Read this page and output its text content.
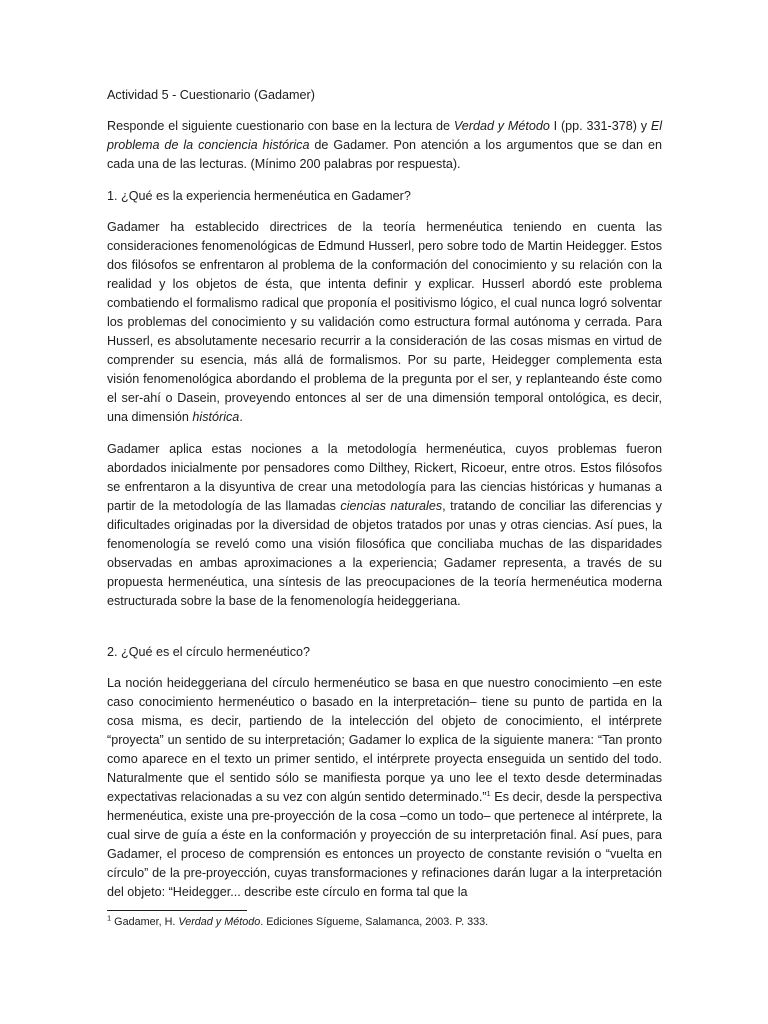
Actividad 5 - Cuestionario (Gadamer)

Responde el siguiente cuestionario con base en la lectura de Verdad y Método I (pp. 331-378) y El problema de la conciencia histórica de Gadamer. Pon atención a los argumentos que se dan en cada una de las lecturas. (Mínimo 200 palabras por respuesta).

1. ¿Qué es la experiencia hermenéutica en Gadamer?

Gadamer ha establecido directrices de la teoría hermenéutica teniendo en cuenta las consideraciones fenomenológicas de Edmund Husserl, pero sobre todo de Martin Heidegger. Estos dos filósofos se enfrentaron al problema de la conformación del conocimiento y su relación con la realidad y los objetos de ésta, que intenta definir y explicar. Husserl abordó este problema combatiendo el formalismo radical que proponía el positivismo lógico, el cual nunca logró solventar los problemas del conocimiento y su validación como estructura formal autónoma y cerrada. Para Husserl, es absolutamente necesario recurrir a la consideración de las cosas mismas en virtud de comprender su esencia, más allá de formalismos. Por su parte, Heidegger complementa esta visión fenomenológica abordando el problema de la pregunta por el ser, y replanteando éste como el ser-ahí o Dasein, proveyendo entonces al ser de una dimensión temporal ontológica, es decir, una dimensión histórica.

Gadamer aplica estas nociones a la metodología hermenéutica, cuyos problemas fueron abordados inicialmente por pensadores como Dilthey, Rickert, Ricoeur, entre otros. Estos filósofos se enfrentaron a la disyuntiva de crear una metodología para las ciencias históricas y humanas a partir de la metodología de las llamadas ciencias naturales, tratando de conciliar las diferencias y dificultades originadas por la diversidad de objetos tratados por unas y otras ciencias. Así pues, la fenomenología se reveló como una visión filosófica que conciliaba muchas de las disparidades observadas en ambas aproximaciones a la experiencia; Gadamer representa, a través de su propuesta hermenéutica, una síntesis de las preocupaciones de la teoría hermenéutica moderna estructurada sobre la base de la fenomenología heideggeriana.

2. ¿Qué es el círculo hermenéutico?

La noción heideggeriana del círculo hermenéutico se basa en que nuestro conocimiento –en este caso conocimiento hermenéutico o basado en la interpretación– tiene su punto de partida en la cosa misma, es decir, partiendo de la intelección del objeto de conocimiento, el intérprete “proyecta” un sentido de su interpretación; Gadamer lo explica de la siguiente manera: “Tan pronto como aparece en el texto un primer sentido, el intérprete proyecta enseguida un sentido del todo. Naturalmente que el sentido sólo se manifiesta porque ya uno lee el texto desde determinadas expectativas relacionadas a su vez con algún sentido determinado.”$^1$ Es decir, desde la perspectiva hermenéutica, existe una pre-proyección de la cosa –como un todo– que pertenece al intérprete, la cual sirve de guía a éste en la conformación y proyección de su interpretación final. Así pues, para Gadamer, el proceso de comprensión es entonces un proyecto de constante revisión o “vuelta en círculo” de la pre-proyección, cuyas transformaciones y refinaciones darán lugar a la interpretación del objeto: “Heidegger... describe este círculo en forma tal que la

$^1$ Gadamer, H. Verdad y Método. Ediciones Sígueme, Salamanca, 2003. P. 333.
